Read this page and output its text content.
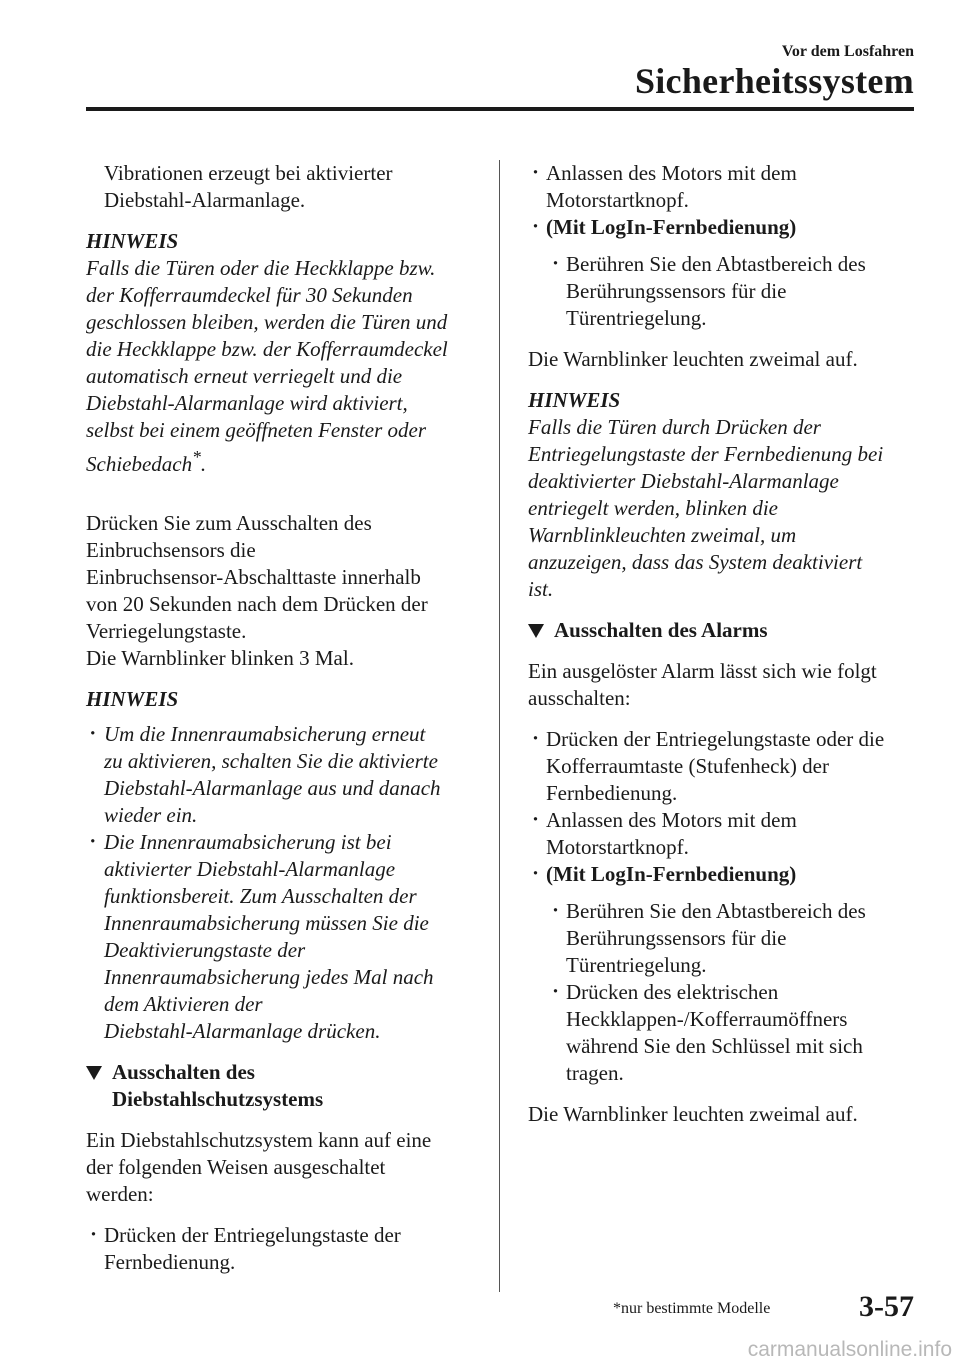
Vor dem Losfahren
Sicherheitssystem

Vibrationen erzeugt bei aktivierter
Diebstahl-Alarmanlage.

HINWEIS

Falls die Türen oder die Heckklappe bzw.
der Kofferraumdeckel für 30 Sekunden
geschlossen bleiben, werden die Türen und
die Heckklappe bzw. der Kofferraumdeckel
automatisch erneut verriegelt und die
Diebstahl-Alarmanlage wird aktiviert,
selbst bei einem geöffneten Fenster oder
Schiebedach*.

Drücken Sie zum Ausschalten des
Einbruchsensors die
Einbruchsensor-Abschalttaste innerhalb
von 20 Sekunden nach dem Drücken der
Verriegelungstaste.
Die Warnblinker blinken 3 Mal.

HINWEIS

· Um die Innenraumabsicherung erneut
zu aktivieren, schalten Sie die aktivierte
Diebstahl-Alarmanlage aus und danach
wieder ein.

· Die Innenraumabsicherung ist bei
aktivierter Diebstahl-Alarmanlage
funktionsbereit. Zum Ausschalten der
Innenraumabsicherung müssen Sie die
Deaktivierungstaste der
Innenraumabsicherung jedes Mal nach
dem Aktivieren der
Diebstahl-Alarmanlage drücken.

Ausschalten des
Diebstahlschutzsystems

Ein Diebstahlschutzsystem kann auf eine
der folgenden Weisen ausgeschaltet
werden:

· Drücken der Entriegelungstaste der
Fernbedienung.

· Anlassen des Motors mit dem
Motorstartknopf.

· (Mit LogIn-Fernbedienung)

· Berühren Sie den Abtastbereich des
Berührungssensors für die
Türentriegelung.

Die Warnblinker leuchten zweimal auf.

HINWEIS

Falls die Türen durch Drücken der
Entriegelungstaste der Fernbedienung bei
deaktivierter Diebstahl-Alarmanlage
entriegelt werden, blinken die
Warnblinkleuchten zweimal, um
anzuzeigen, dass das System deaktiviert
ist.

Ausschalten des Alarms

Ein ausgelöster Alarm lässt sich wie folgt
ausschalten:

· Drücken der Entriegelungstaste oder die
Kofferraumtaste (Stufenheck) der
Fernbedienung.

· Anlassen des Motors mit dem
Motorstartknopf.

· (Mit LogIn-Fernbedienung)

· Berühren Sie den Abtastbereich des
Berührungssensors für die
Türentriegelung.

· Drücken des elektrischen
Heckklappen-/Kofferraumöffners
während Sie den Schlüssel mit sich
tragen.

Die Warnblinker leuchten zweimal auf.

*nur bestimmte Modelle	3-57
carmanualsonline.info
